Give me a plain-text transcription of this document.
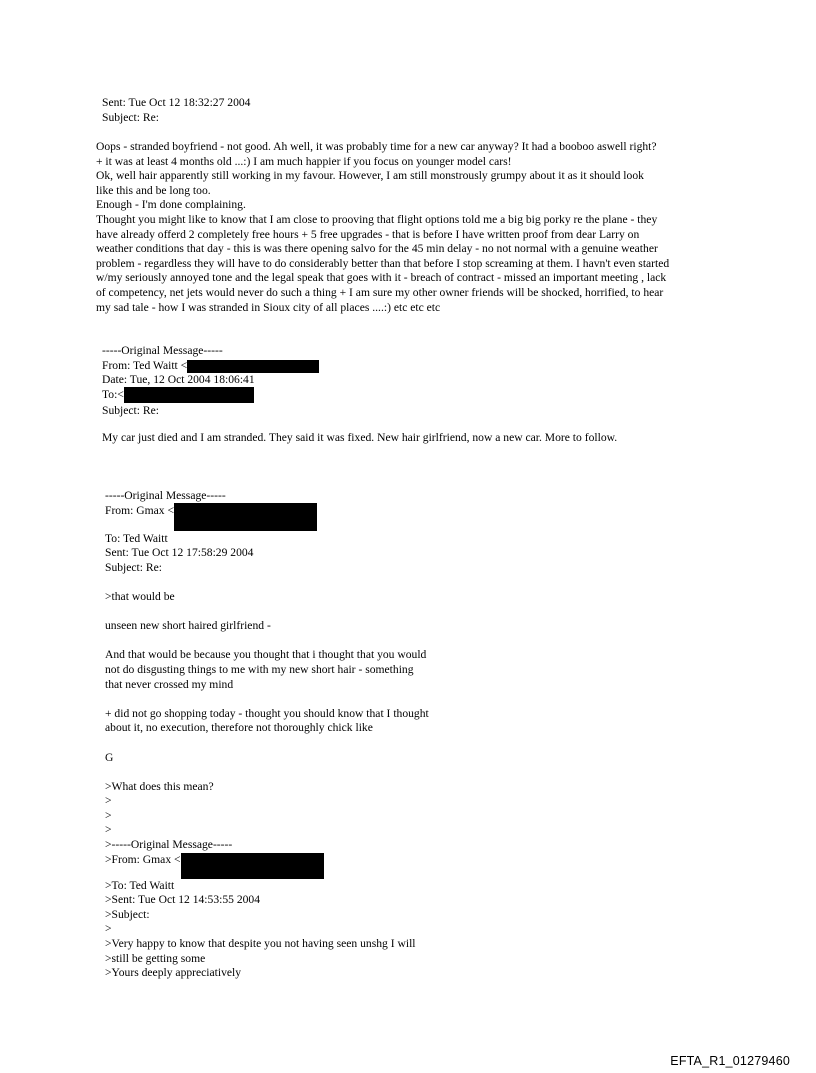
Sent: Tue Oct 12 18:32:27 2004
Subject: Re:
Oops - stranded boyfriend - not good. Ah well, it was probably time for a new car anyway? It had a booboo aswell right?
+ it was at least 4 months old ...:) I am much happier if you focus on younger model cars!
Ok, well hair apparently still working in my favour. However, I am still monstrously grumpy about it as it should look
like this and be long too.
Enough - I'm done complaining.
Thought you might like to know that I am close to prooving that flight options told me a big big porky re the plane - they
have already offerd 2 completely free hours + 5 free upgrades - that is before I have written proof from dear Larry on
weather conditions that day - this is was there opening salvo for the 45 min delay - no not normal with a genuine weather
problem - regardless they will have to do considerably better than that before I stop screaming at them. I havn't even started
w/my seriously annoyed tone and the legal speak that goes with it - breach of contract - missed an important meeting , lack
of competency, net jets would never do such a thing + I am sure my other owner friends will be shocked, horrified, to hear
my sad tale - how I was stranded in Sioux city of all places ....:) etc etc etc
-----Original Message-----
From: Ted Waitt <
Date: Tue, 12 Oct 2004 18:06:41
To:<
Subject: Re:
My car just died and I am stranded. They said it was fixed. New hair girlfriend, now a new car. More to follow.
-----Original Message-----
From: Gmax <
To: Ted Waitt
Sent: Tue Oct 12 17:58:29 2004
Subject: Re:
>that would be
unseen new short haired girlfriend -
And that would be because you thought that i thought that you would
not do disgusting things to me with my new short hair - something
that never crossed my mind
+ did not go shopping today - thought you should know that I thought
about it, no execution, therefore not thoroughly chick like
G
>What does this mean?
>
>
>
>-----Original Message-----
>From: Gmax <
>To: Ted Waitt
>Sent: Tue Oct 12 14:53:55 2004
>Subject:
>
>Very happy to know that despite you not having seen unshg I will
>still be getting some
>Yours deeply appreciatively
EFTA_R1_01279460
